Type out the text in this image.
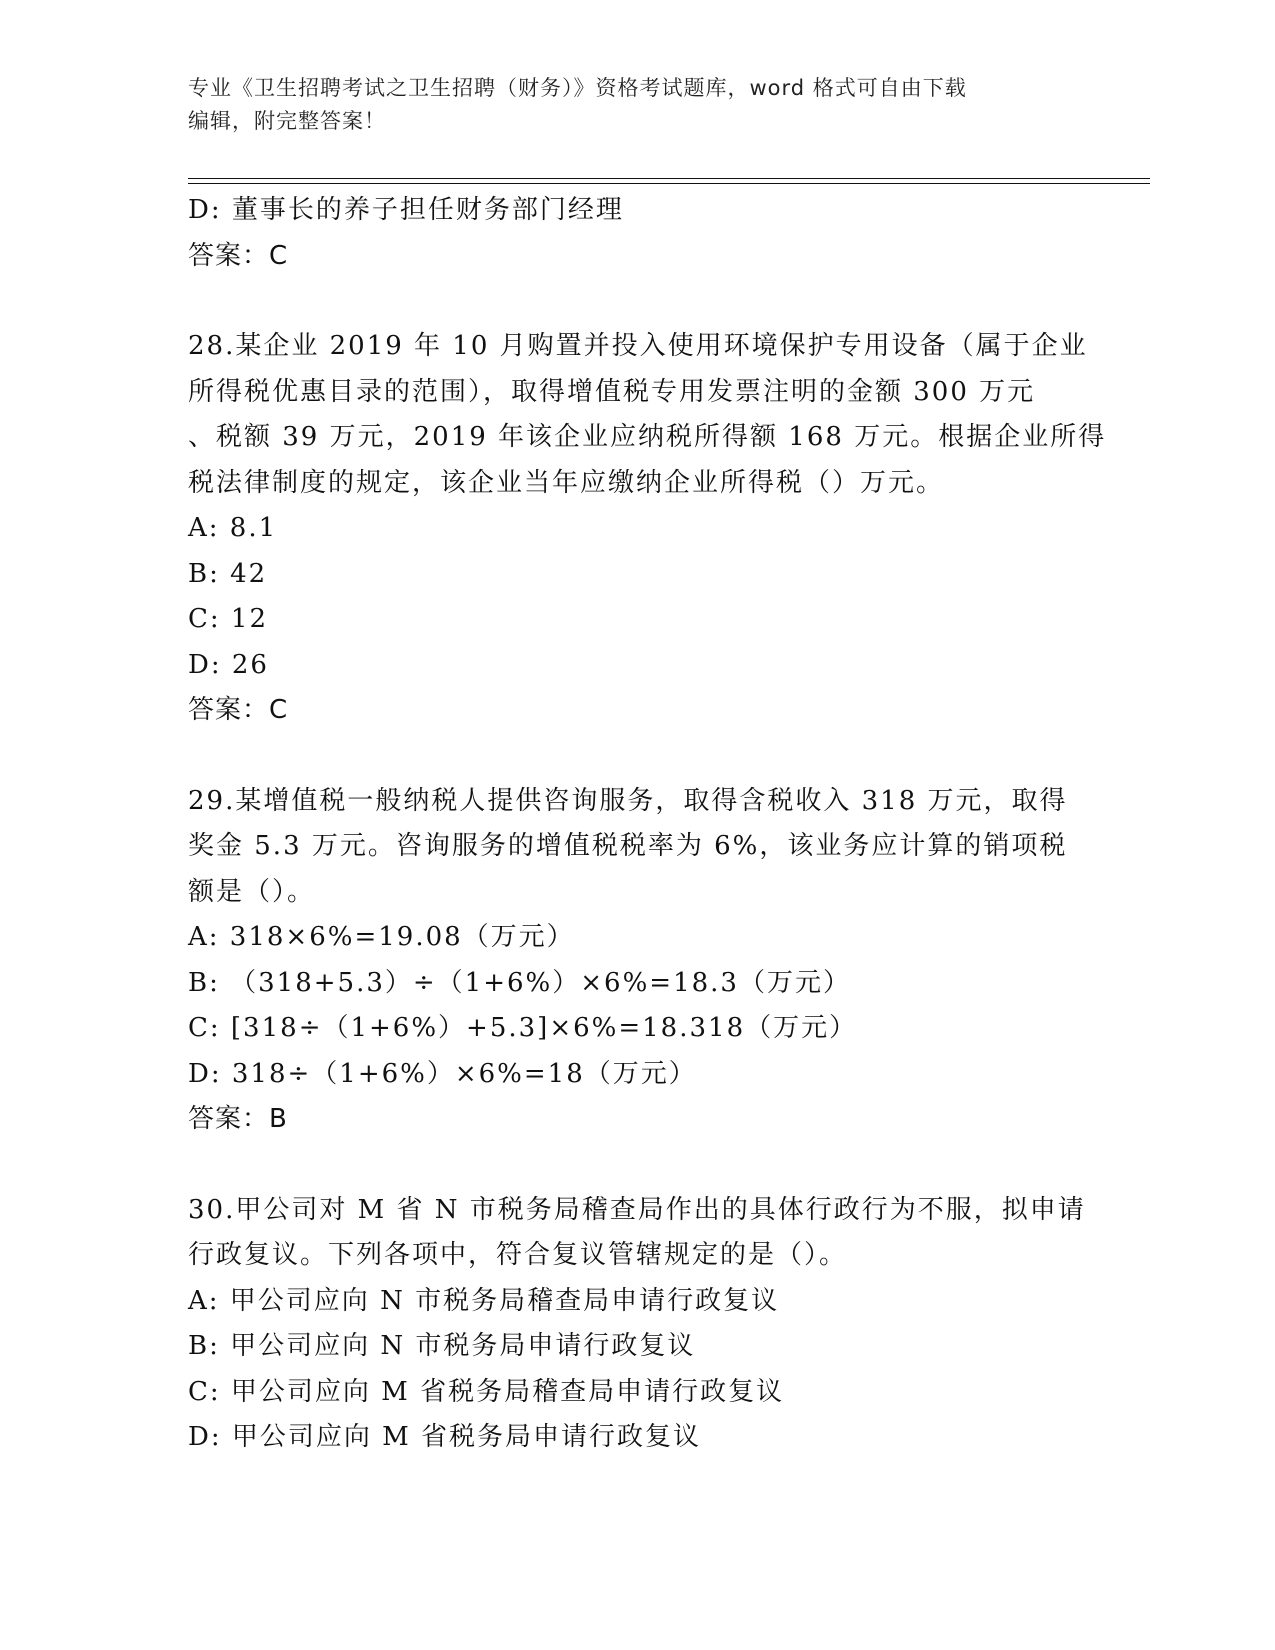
专业《卫生招聘考试之卫生招聘（财务）》资格考试题库，word 格式可自由下载
编辑，附完整答案！
D: 董事长的养子担任财务部门经理
答案：C
28.某企业 2019 年 10 月购置并投入使用环境保护专用设备（属于企业
所得税优惠目录的范围），取得增值税专用发票注明的金额 300 万元
、税额 39 万元，2019 年该企业应纳税所得额 168 万元。根据企业所得
税法律制度的规定，该企业当年应缴纳企业所得税（）万元。
A: 8.1
B: 42
C: 12
D: 26
答案：C
29.某增值税一般纳税人提供咨询服务，取得含税收入 318 万元，取得
奖金 5.3 万元。咨询服务的增值税税率为 6%，该业务应计算的销项税
额是（）。
A: 318×6%=19.08（万元）
B: （318+5.3）÷（1+6%）×6%=18.3（万元）
C: [318÷（1+6%）+5.3]×6%=18.318（万元）
D: 318÷（1+6%）×6%=18（万元）
答案：B
30.甲公司对 M 省 N 市税务局稽查局作出的具体行政行为不服，拟申请
行政复议。下列各项中，符合复议管辖规定的是（）。
A: 甲公司应向 N 市税务局稽查局申请行政复议
B: 甲公司应向 N 市税务局申请行政复议
C: 甲公司应向 M 省税务局稽查局申请行政复议
D: 甲公司应向 M 省税务局申请行政复议
